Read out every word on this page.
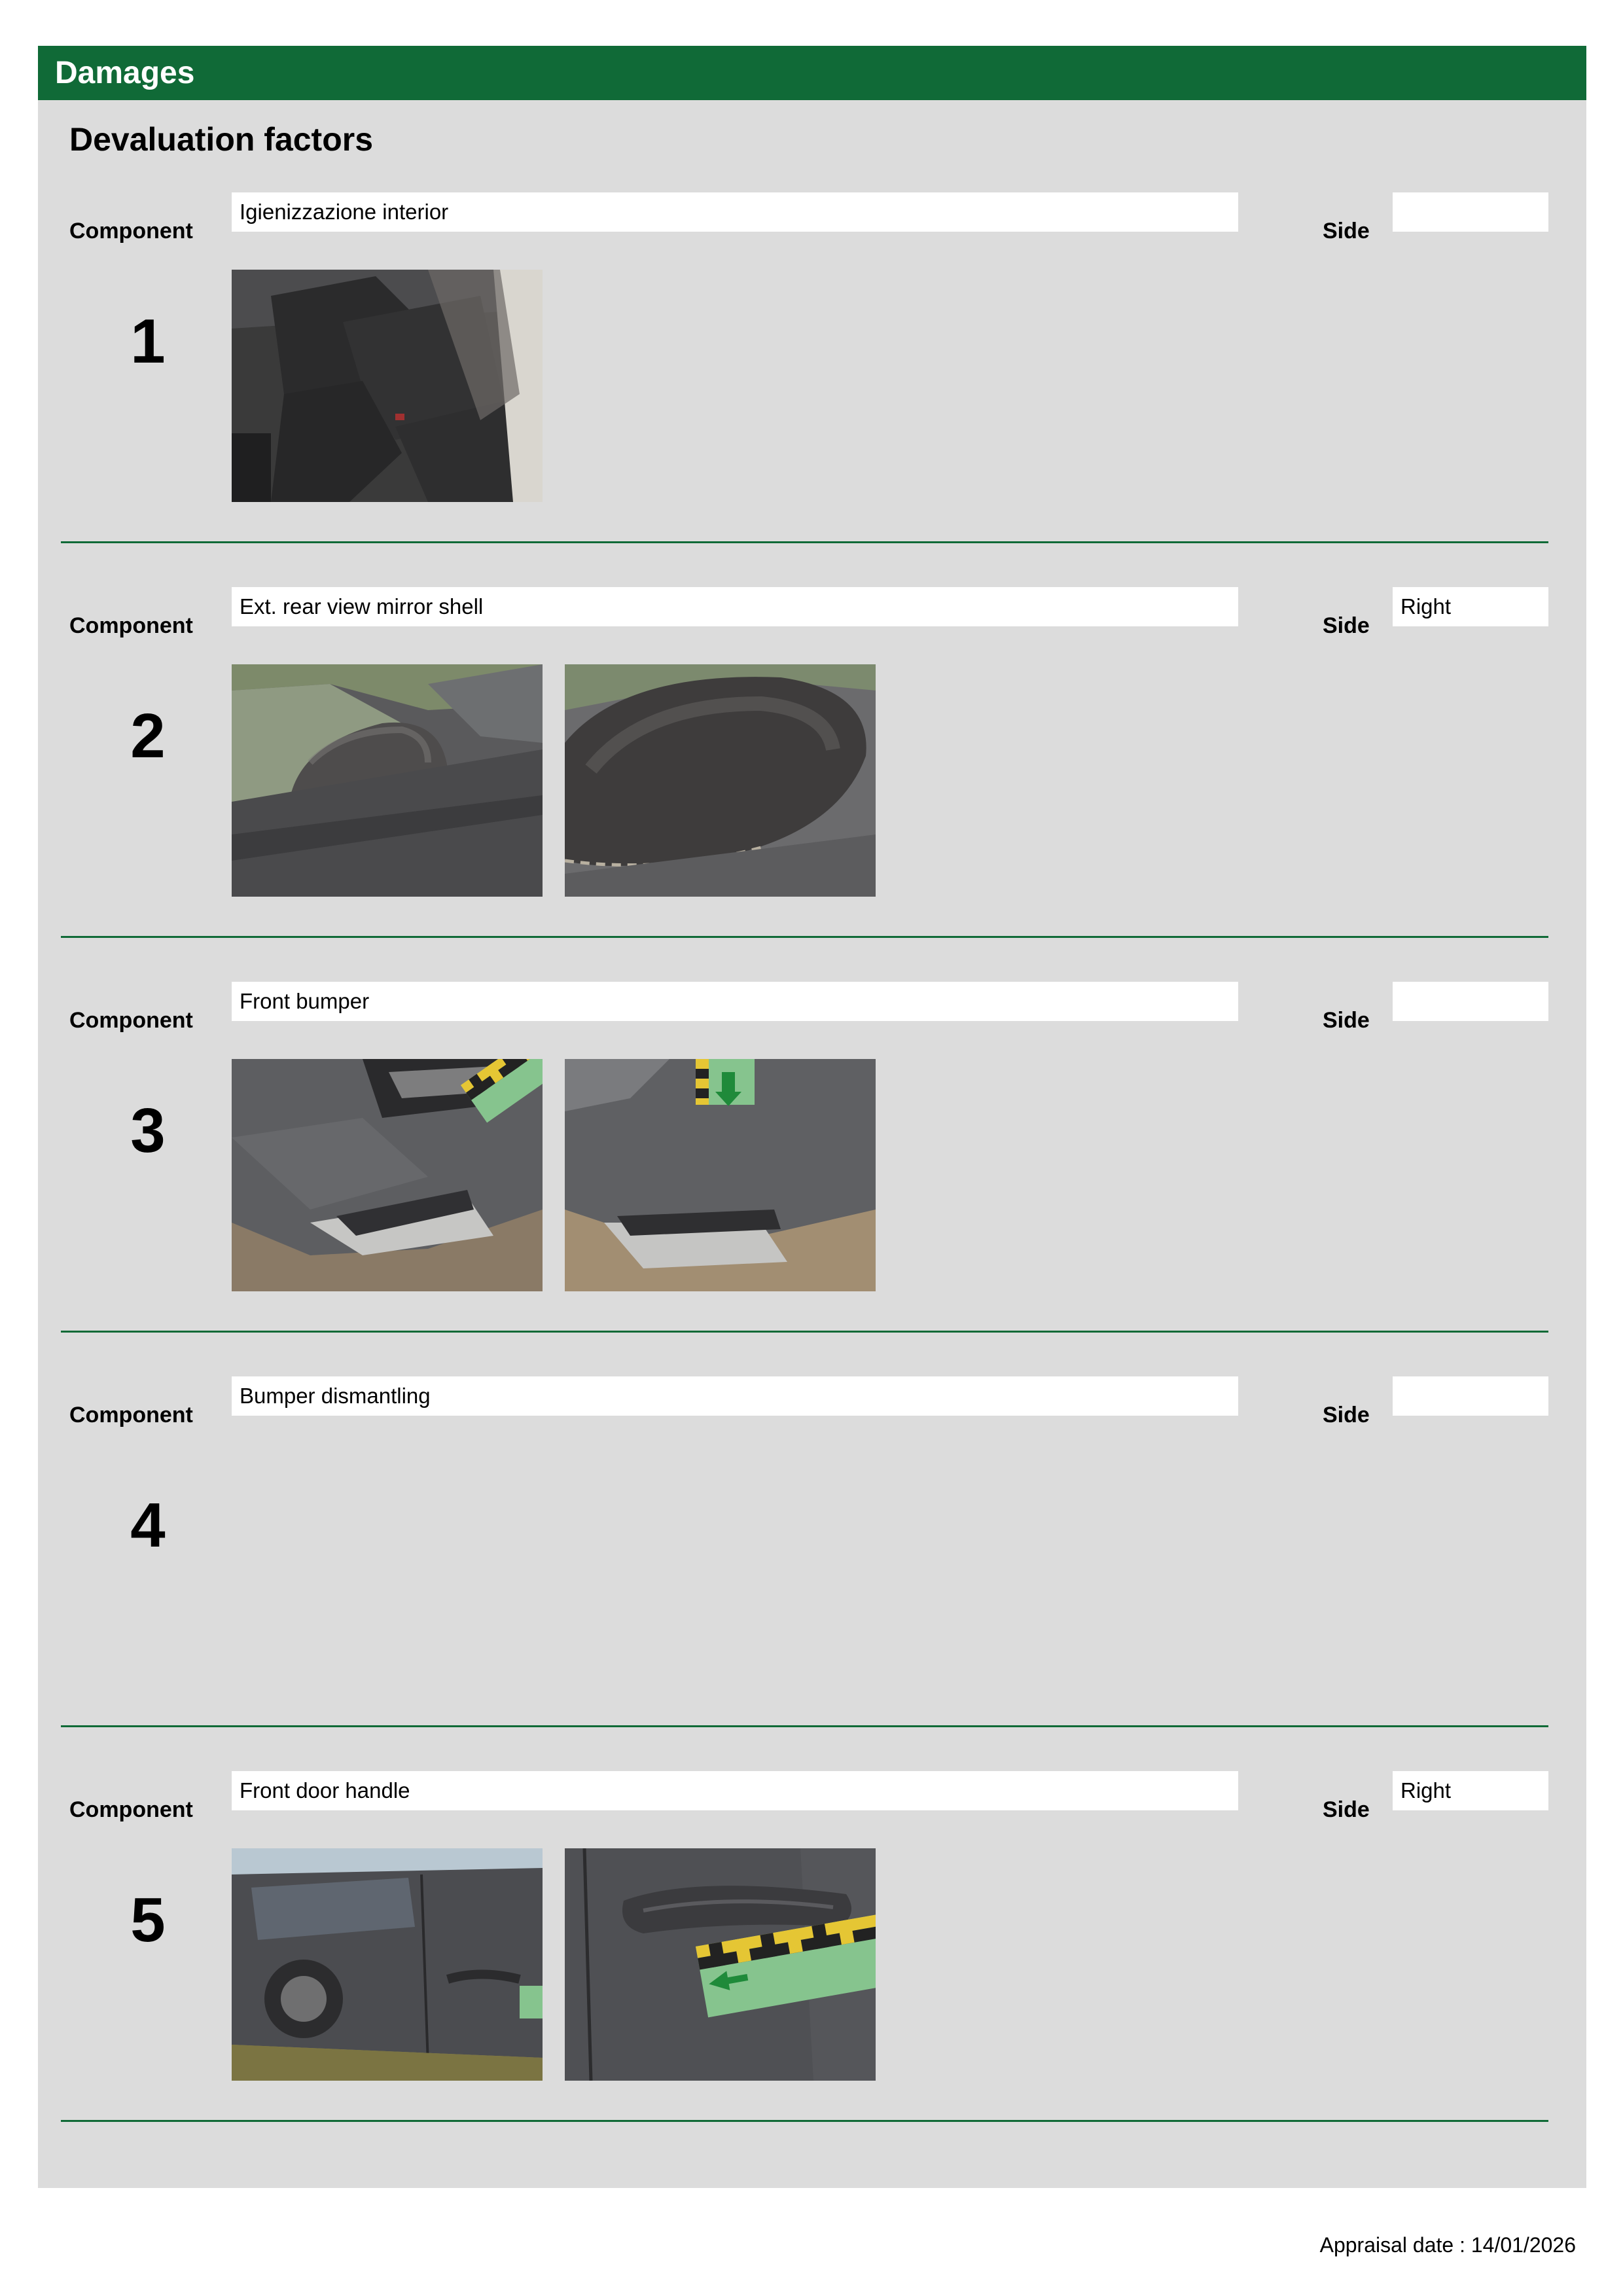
Damages
Devaluation factors
Component
Igienizzazione interior
Side
1
Component
Ext. rear view mirror shell
Side
Right
2
Component
Front bumper
Side
3
Component
Bumper dismantling
Side
4
Component
Front door handle
Side
Right
5
Appraisal date : 14/01/2026
